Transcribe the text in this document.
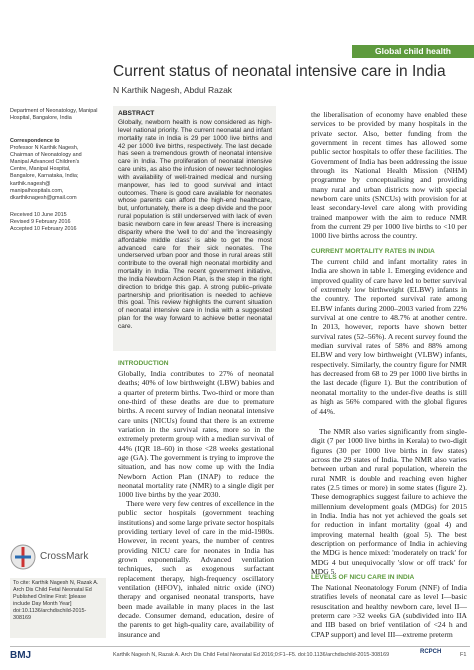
Global child health
Current status of neonatal intensive care in India
N Karthik Nagesh, Abdul Razak
Department of Neonatology, Manipal Hospital, Bangalore, India
Correspondence to
Professor N Karthik Nagesh,
Chairman of Neonatology and
Manipal Advanced Children's
Centre, Manipal Hospital,
Bangalore, Karnataka, India;
karthik.nagesh@
manipalhospitals.com,
dkarthiknagesh@gmail.com
Received 10 June 2015
Revised 9 February 2016
Accepted 10 February 2016
ABSTRACT
Globally, newborn health is now considered as high-level national priority. The current neonatal and infant mortality rate in India is 29 per 1000 live births and 42 per 1000 live births, respectively. The last decade has seen a tremendous growth of neonatal intensive care in India. The proliferation of neonatal intensive care units, as also the infusion of newer technologies with availability of well-trained medical and nursing manpower, has led to good survival and intact outcomes. There is good care available for neonates whose parents can afford the high-end healthcare, but, unfortunately, there is a deep divide and the poor rural population is still underserved with lack of even basic newborn care in few areas! There is increasing disparity where the 'well to do' and the 'increasingly affordable middle class' is able to get the most advanced care for their sick neonates. The underserved urban poor and those in rural areas still contribute to the overall high neonatal morbidity and mortality in India. The recent government initiative, the India Newborn Action Plan, is the step in the right direction to bridge this gap. A strong public–private partnership and prioritisation is needed to achieve this goal. This review highlights the current situation of neonatal intensive care in India with a suggested plan for the way forward to achieve better neonatal care.
INTRODUCTION
Globally, India contributes to 27% of neonatal deaths; 40% of low birthweight (LBW) babies and a quarter of preterm births. Two-third or more than one-third of these deaths are due to premature births. A recent survey of Indian neonatal intensive care units (NICUs) found that there is an extreme variation in the survival rates, more so in the extremely preterm group with a median survival of 44% (IQR 18–60) in those <28 weeks gestational age (GA). The government is trying to improve the situation, and has now come up with the India Newborn Action Plan (INAP) to reduce the neonatal mortality rate (NMR) to a single digit per 1000 live births by the year 2030.
There were very few centres of excellence in the public sector hospitals (government teaching institutions) and some large private sector hospitals providing tertiary level of care in the mid-1980s. However, in recent years, the number of centres providing NICU care for neonates in India has grown exponentially. Advanced ventilation techniques, such as exogenous surfactant replacement therapy, high-frequency oscillatory ventilation (HFOV), inhaled nitric oxide (iNO) therapy and organised neonatal transports, have been made available in many places in the last decade. Consumer demand, education, desire of the parents to get high-quality care, availability of insurance and
the liberalisation of economy have enabled these services to be provided by many hospitals in the private sector. Also, better funding from the government in recent times has allowed some public sector hospitals to offer these facilities. The Government of India has been addressing the issue through its National Health Mission (NHM) programme by conceptualising and providing many rural and urban districts now with special newborn care units (SNCUs) with provision for at least secondary-level care along with providing trained manpower with the aim to reduce NMR from the current 29 per 1000 live births to <10 per 1000 live births across the country.
CURRENT MORTALITY RATES IN INDIA
The current child and infant mortality rates in India are shown in table 1. Emerging evidence and improved quality of care have led to better survival of extremely low birthweight (ELBW) infants in the country. The reported survival rate among ELBW infants during 2000–2003 varied from 22% survival at one centre to 48.7% at another centre. In 2013, however, reports have shown better survival rates (52–56%). A recent survey found the median survival rates of 58% and 88% among ELBW and very low birthweight (VLBW) infants, respectively. Similarly, the country figure for NMR has decreased from 68 to 29 per 1000 live births in the last decade (figure 1). But the contribution of neonatal mortality to the under-five deaths is still as high as 56% compared with the global figures of 44%.
The NMR also varies significantly from single-digit (7 per 1000 live births in Kerala) to two-digit figures (30 per 1000 live births in few states) across the 29 states of India. The NMR also varies between urban and rural population, wherein the rural NMR is double and reaching even higher rates (2.5 times or more) in some states (figure 2). These demographics suggest failure to achieve the millennium development goals (MDGs) for 2015 in India. India has not yet achieved the goals set for reduction in infant mortality (goal 4) and improving maternal health (goal 5). The best description on performance of India in achieving the MDG is hence mixed: 'moderately on track' for MDG 4 but unequivocally 'slow or off track' for MDG 5.
LEVELS OF NICU CARE IN INDIA
The National Neonatology Forum (NNF) of India stratifies levels of neonatal care as level I—basic resuscitation and healthy newborn care, level II—preterm care >32 weeks GA (subdivided into IIA and IIB based on brief ventilation of <24 h and CPAP support) and level III—extreme preterm
CrossMark
To cite: Karthik Nagesh N, Razak A. Arch Dis Child Fetal Neonatal Ed Published Online First: [please include Day Month Year] doi:10.1136/archdischild-2015-308169
BMJ	Karthik Nagesh N, Razak A. Arch Dis Child Fetal Neonatal Ed 2016;0:F1–F5. doi:10.1136/archdischild-2015-308169	RCPCH	F1
